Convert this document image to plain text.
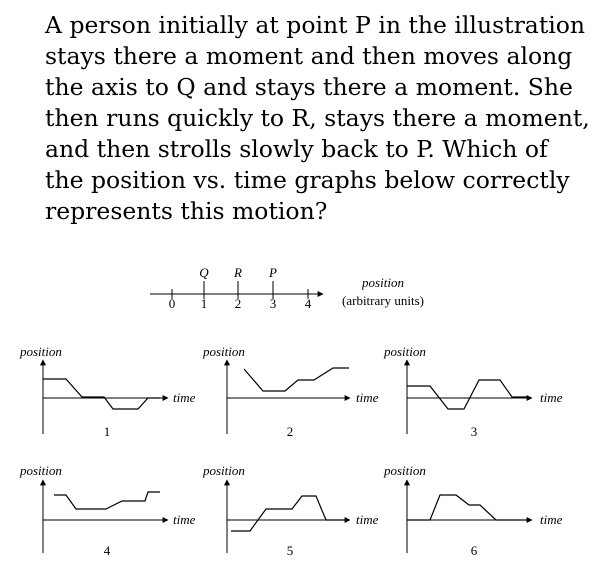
A person initially at point P in the illustration
stays there a moment and then moves along
the axis to Q and stays there a moment. She
then runs quickly to R, stays there a moment,
and then strolls slowly back to P. Which of
the position vs. time graphs below correctly
represents this motion?
0 1 2 3 4
Q R P
position
(arbitrary units)
position
time
1
position
time
2
position
time
3
position
time
4
position
time
5
position
time
6
